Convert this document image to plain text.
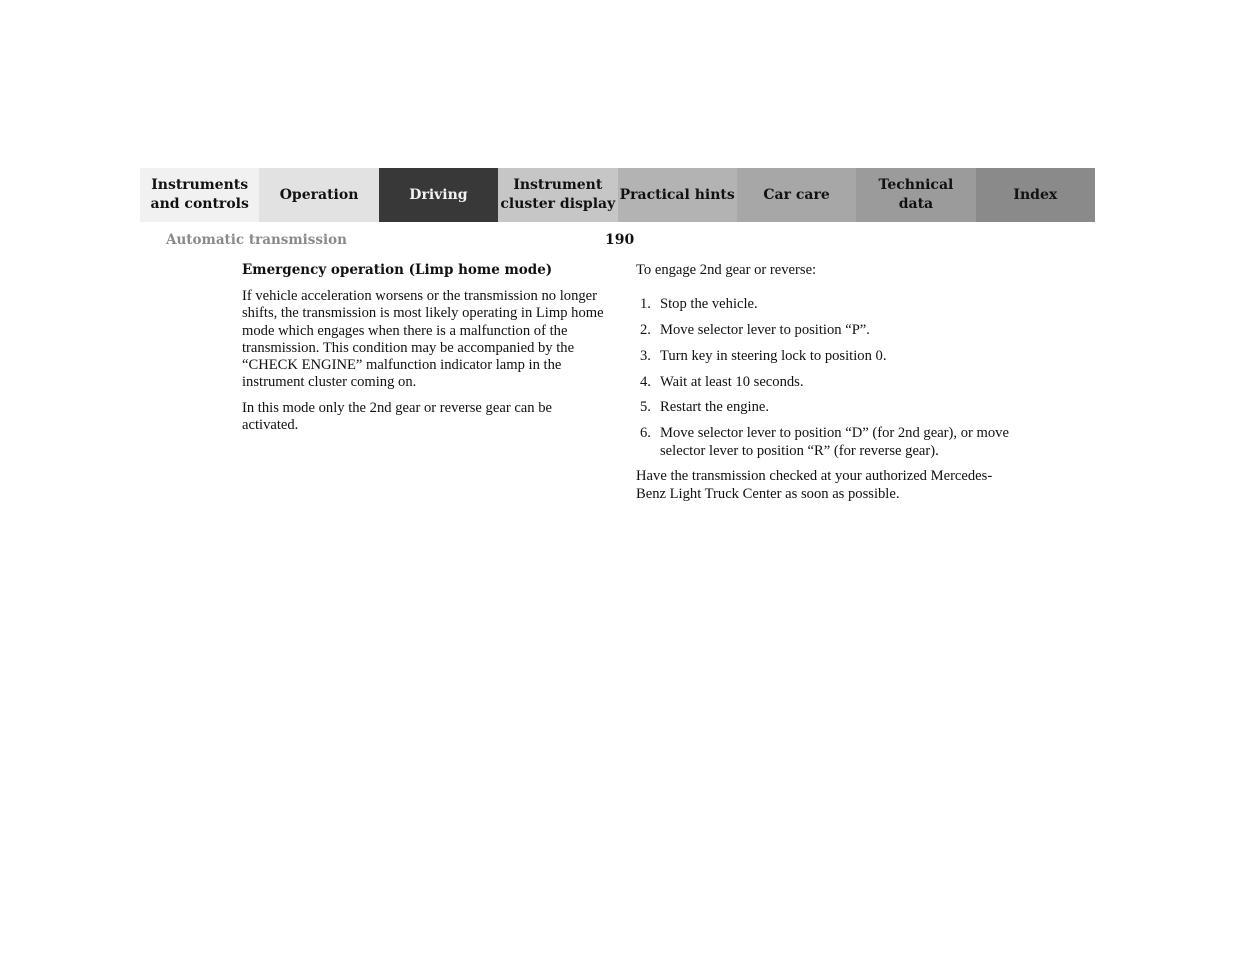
Instruments
and controls
Operation	Driving
Instrument
cluster display
Practical hints	Car care
Technical
data
Index
Automatic transmission	190
Emergency operation (Limp home mode)

If vehicle acceleration worsens or the transmission no longer shifts, the transmission is most likely operating in Limp home mode which engages when there is a malfunction of the transmission. This condition may be accompanied by the “CHECK ENGINE” malfunction indicator lamp in the instrument cluster coming on.

In this mode only the 2nd gear or reverse gear can be activated.

To engage 2nd gear or reverse:

1. Stop the vehicle.
2. Move selector lever to position “P”.
3. Turn key in steering lock to position 0.
4. Wait at least 10 seconds.
5. Restart the engine.
6. Move selector lever to position “D” (for 2nd gear), or move selector lever to position “R” (for reverse gear).

Have the transmission checked at your authorized Mercedes-Benz Light Truck Center as soon as possible.
